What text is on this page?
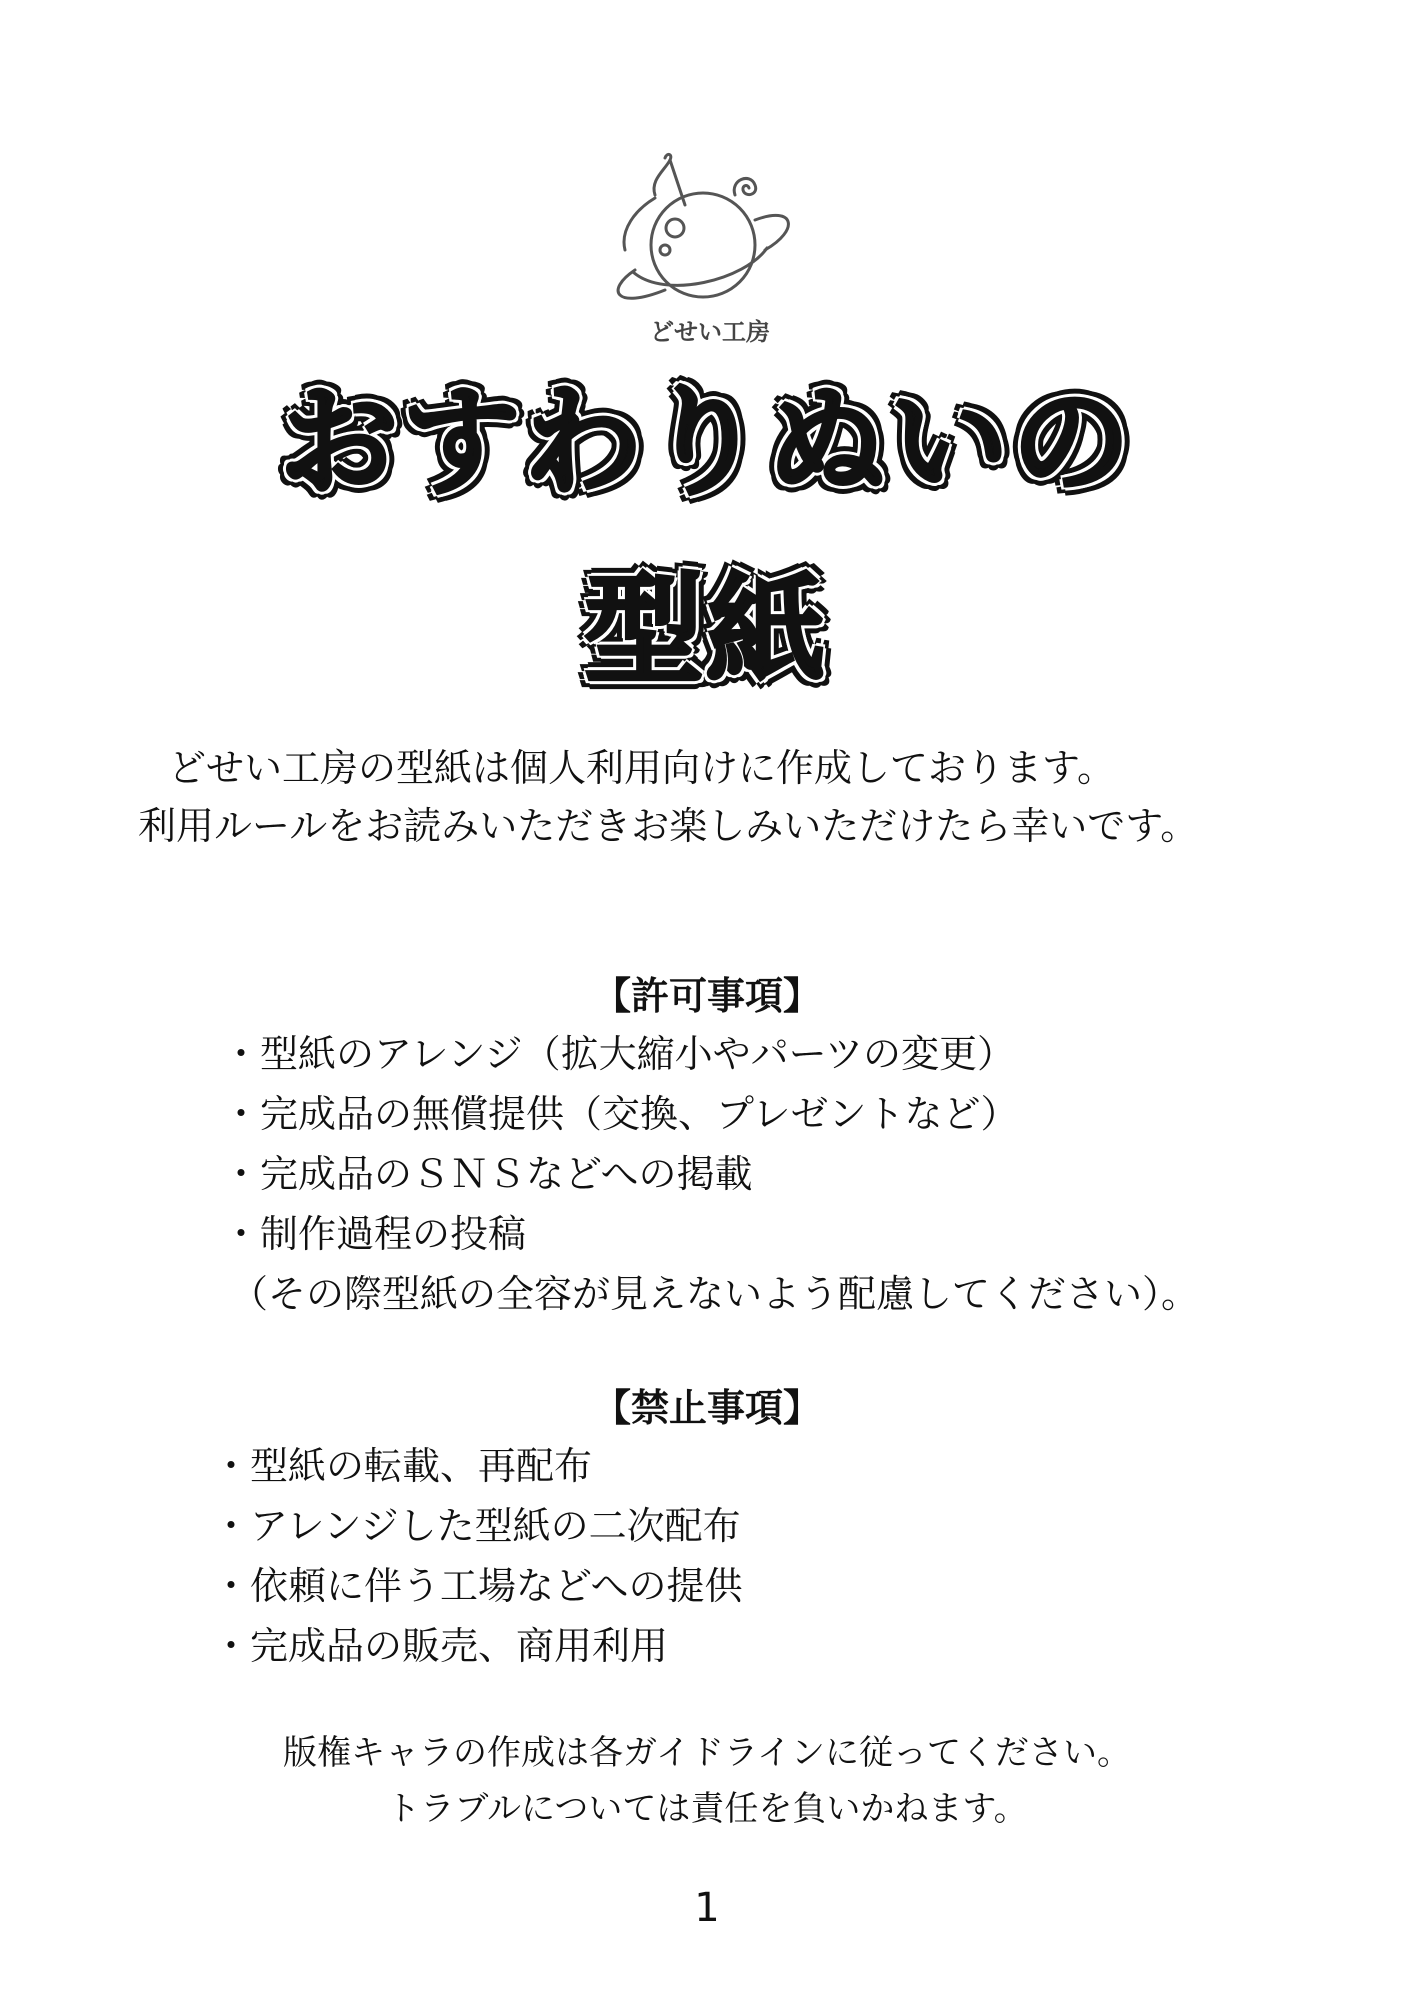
どせい工房
おすわりぬいの
型紙
どせい工房の型紙は個人利用向けに作成しております。
利用ルールをお読みいただきお楽しみいただけたら幸いです。
【許可事項】
・型紙のアレンジ（拡大縮小やパーツの変更）
・完成品の無償提供（交換、プレゼントなど）
・完成品のＳＮＳなどへの掲載
・制作過程の投稿
（その際型紙の全容が見えないよう配慮してください）。
【禁止事項】
・型紙の転載、再配布
・アレンジした型紙の二次配布
・依頼に伴う工場などへの提供
・完成品の販売、商用利用
版権キャラの作成は各ガイドラインに従ってください。
トラブルについては責任を負いかねます。
1
